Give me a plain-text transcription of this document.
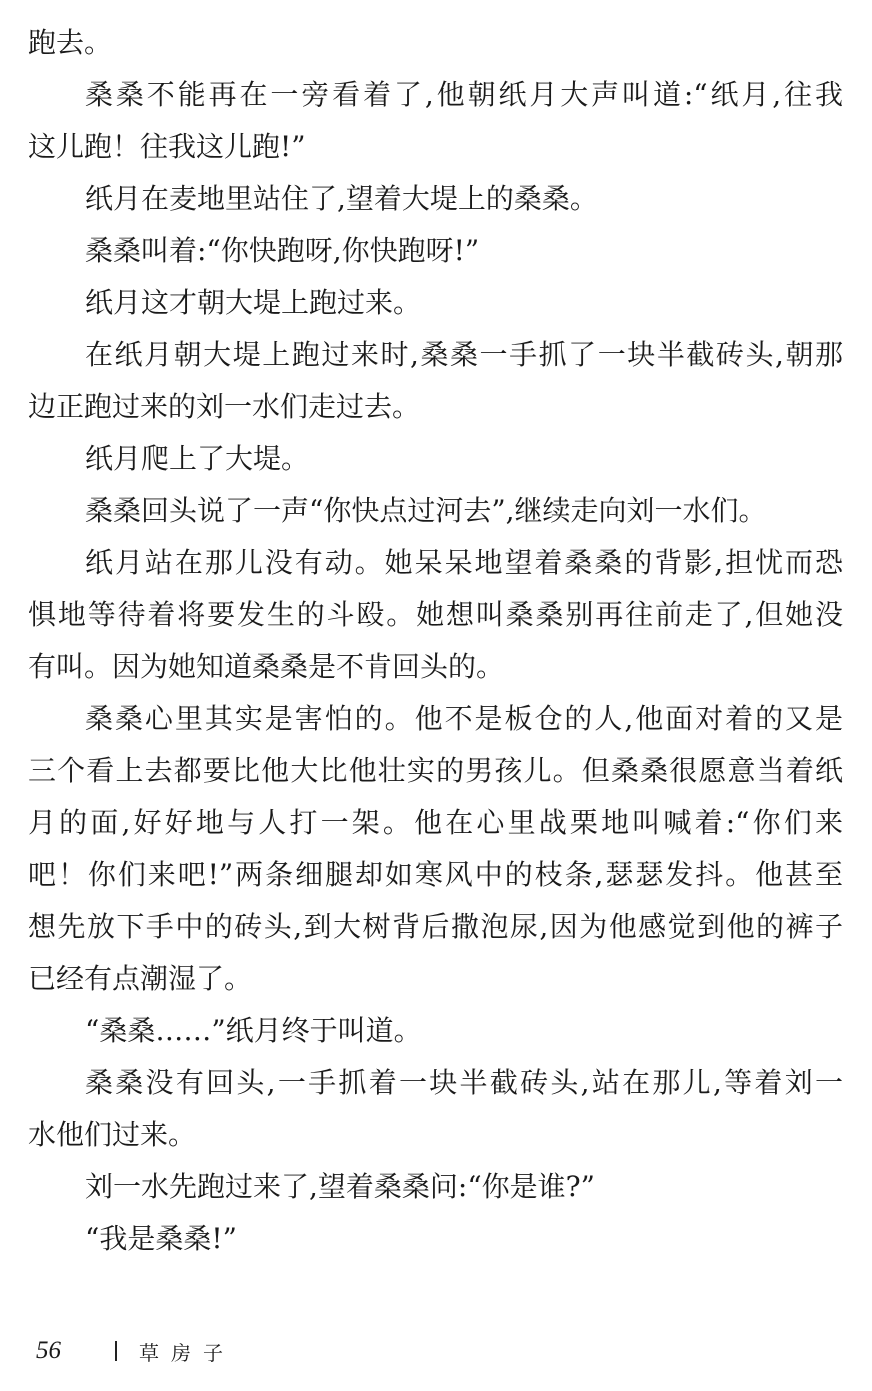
跑去。
桑桑不能再在一旁看着了,他朝纸月大声叫道:“纸月,往我
这儿跑！往我这儿跑!”
纸月在麦地里站住了,望着大堤上的桑桑。
桑桑叫着:“你快跑呀,你快跑呀!”
纸月这才朝大堤上跑过来。
在纸月朝大堤上跑过来时,桑桑一手抓了一块半截砖头,朝那
边正跑过来的刘一水们走过去。
纸月爬上了大堤。
桑桑回头说了一声“你快点过河去”,继续走向刘一水们。
纸月站在那儿没有动。她呆呆地望着桑桑的背影,担忧而恐
惧地等待着将要发生的斗殴。她想叫桑桑别再往前走了,但她没
有叫。因为她知道桑桑是不肯回头的。
桑桑心里其实是害怕的。他不是板仓的人,他面对着的又是
三个看上去都要比他大比他壮实的男孩儿。但桑桑很愿意当着纸
月的面,好好地与人打一架。他在心里战栗地叫喊着:“你们来
吧！你们来吧!”两条细腿却如寒风中的枝条,瑟瑟发抖。他甚至
想先放下手中的砖头,到大树背后撒泡尿,因为他感觉到他的裤子
已经有点潮湿了。
“桑桑……”纸月终于叫道。
桑桑没有回头,一手抓着一块半截砖头,站在那儿,等着刘一
水他们过来。
刘一水先跑过来了,望着桑桑问:“你是谁?”
“我是桑桑!”
56	草房子
